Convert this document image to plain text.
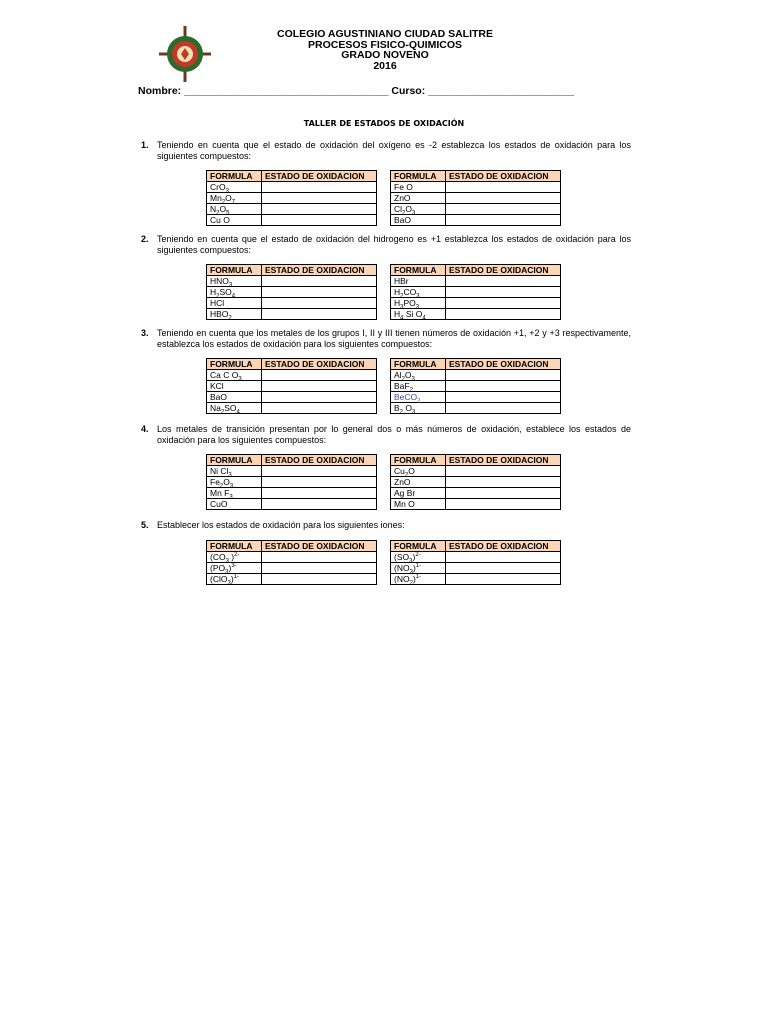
COLEGIO AGUSTINIANO CIUDAD SALITRE
PROCESOS FISICO-QUIMICOS
GRADO NOVENO
2016
Nombre: ___________________________________ Curso: _________________________
TALLER DE ESTADOS DE OXIDACIÓN
1. Teniendo en cuenta que el estado de oxidación del oxígeno es -2 establezca los estados de oxidación para los siguientes compuestos:
FORMULA	ESTADO DE OXIDACION
CrO$_3$	
$Mn_2O_7$	
$N_2O_5$	
Cu O	
FORMULA	ESTADO DE OXIDACION
Fe O	
ZnO	
$Cl_2O_3$	
BaO	
2. Teniendo en cuenta que el estado de oxidación del hidrogeno es +1 establezca los estados de oxidación para los siguientes compuestos:
FORMULA	ESTADO DE OXIDACION
$HNO_3$	
$H_2SO_4$	
HCl	
$HBO_2$	
FORMULA	ESTADO DE OXIDACION
HBr	
$H_2CO_3$	
$H_3PO_3$	
$H_4$ Si $O_4$	
3. Teniendo en cuenta que los metales de los grupos I, II y III tienen números de oxidación +1, +2 y +3 respectivamente, establezca los estados de oxidación para los siguientes compuestos:
FORMULA	ESTADO DE OXIDACION
Ca C $O_3$	
KCl	
BaO	
$Na_2SO_4$	
FORMULA	ESTADO DE OXIDACION
$Al_2O_3$	
BaF$_2$	
BeCO$_2$	
$B_2$ $O_3$	
4. Los metales de transición presentan por lo general dos o más números de oxidación, establece los estados de oxidación para los siguientes compuestos:
FORMULA	ESTADO DE OXIDACION
Ni $Cl_3$	
$Fe_2O_3$	
Mn $F_3$	
CuO	
FORMULA	ESTADO DE OXIDACION
$Cu_2O$	
ZnO	
Ag Br	
Mn O	
5. Establecer los estados de oxidación para los siguientes iones:
FORMULA	ESTADO DE OXIDACION
($CO_3$ )$^{2-}$	
$(PO_3)^{3-}$	
$(ClO_3)^{1-}$	
FORMULA	ESTADO DE OXIDACION
$(SO_3)^{2-}$	
$(NO_3)^{1-}$	
$(NO_2)^{1-}$	
